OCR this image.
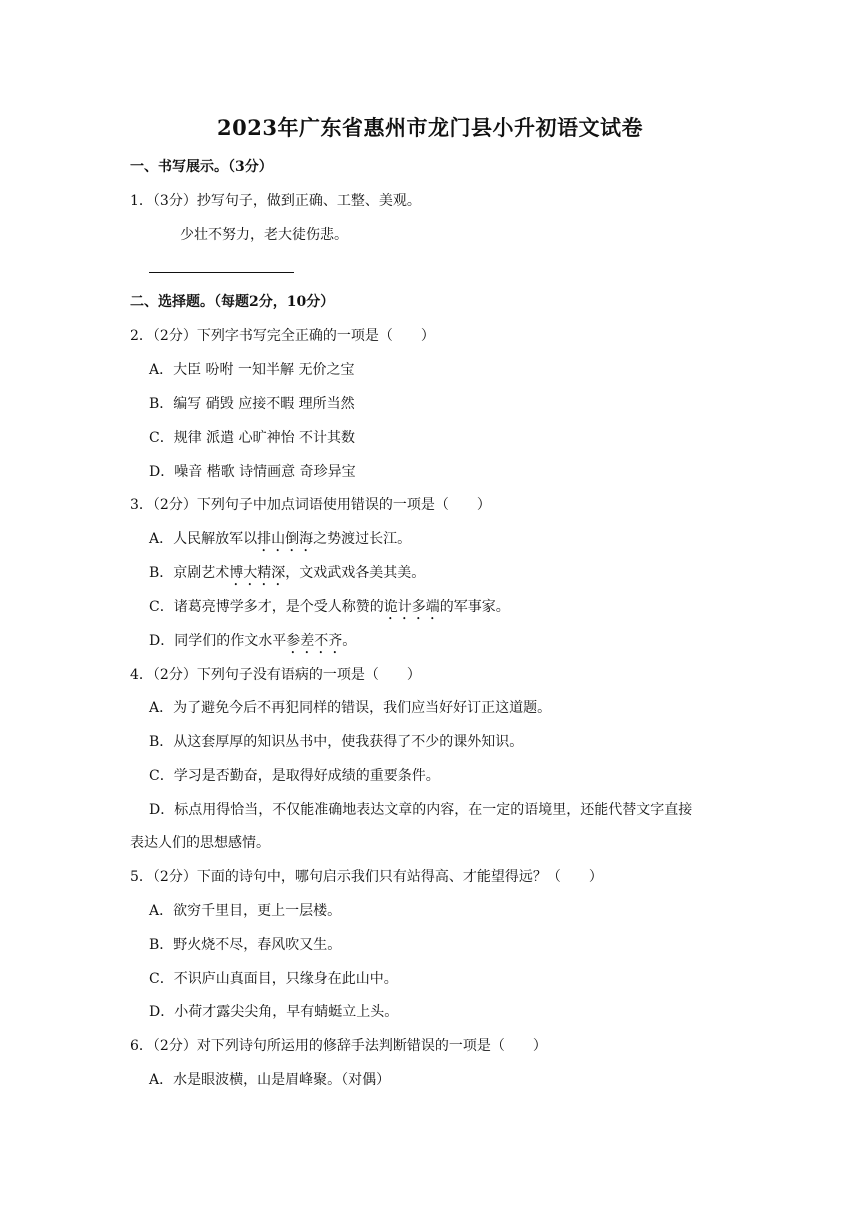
2023年广东省惠州市龙门县小升初语文试卷
一、书写展示。（3分）
1．（3分）抄写句子，做到正确、工整、美观。
少壮不努力，老大徒伤悲。
二、选择题。（每题2分，10分）
2．（2分）下列字书写完全正确的一项是（　　）
A．大臣 吩咐 一知半解 无价之宝
B．编写 硝毁 应接不暇 理所当然
C．规律 派遣 心旷神怡 不计其数
D．噪音 楷歌 诗情画意 奇珍异宝
3．（2分）下列句子中加点词语使用错误的一项是（　　）
A．人民解放军以排山倒海之势渡过长江。
B．京剧艺术博大精深，文戏武戏各美其美。
C．诸葛亮博学多才，是个受人称赞的诡计多端的军事家。
D．同学们的作文水平参差不齐。
4．（2分）下列句子没有语病的一项是（　　）
A．为了避免今后不再犯同样的错误，我们应当好好订正这道题。
B．从这套厚厚的知识丛书中，使我获得了不少的课外知识。
C．学习是否勤奋，是取得好成绩的重要条件。
D．标点用得恰当，不仅能准确地表达文章的内容，在一定的语境里，还能代替文字直接
表达人们的思想感情。
5．（2分）下面的诗句中，哪句启示我们只有站得高、才能望得远？（　　）
A．欲穷千里目，更上一层楼。
B．野火烧不尽，春风吹又生。
C．不识庐山真面目，只缘身在此山中。
D．小荷才露尖尖角，早有蜻蜓立上头。
6．（2分）对下列诗句所运用的修辞手法判断错误的一项是（　　）
A．水是眼波横，山是眉峰聚。（对偶）
